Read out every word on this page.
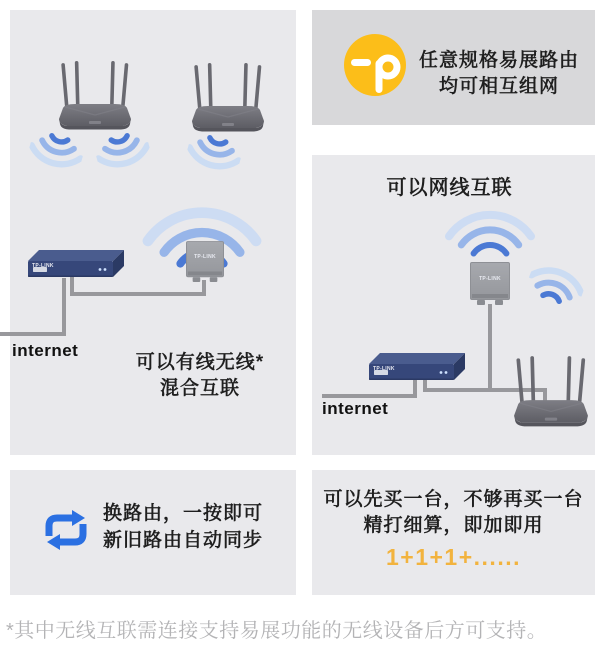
TP-LINK
TP-LINK
internet
可以有线无线*
混合互联
任意规格易展路由
均可相互组网
可以网线互联
TP-LINK
TP-LINK
internet
换路由，一按即可
新旧路由自动同步
可以先买一台，不够再买一台
精打细算，即加即用
1+1+1+......
*其中无线互联需连接支持易展功能的无线设备后方可支持。
